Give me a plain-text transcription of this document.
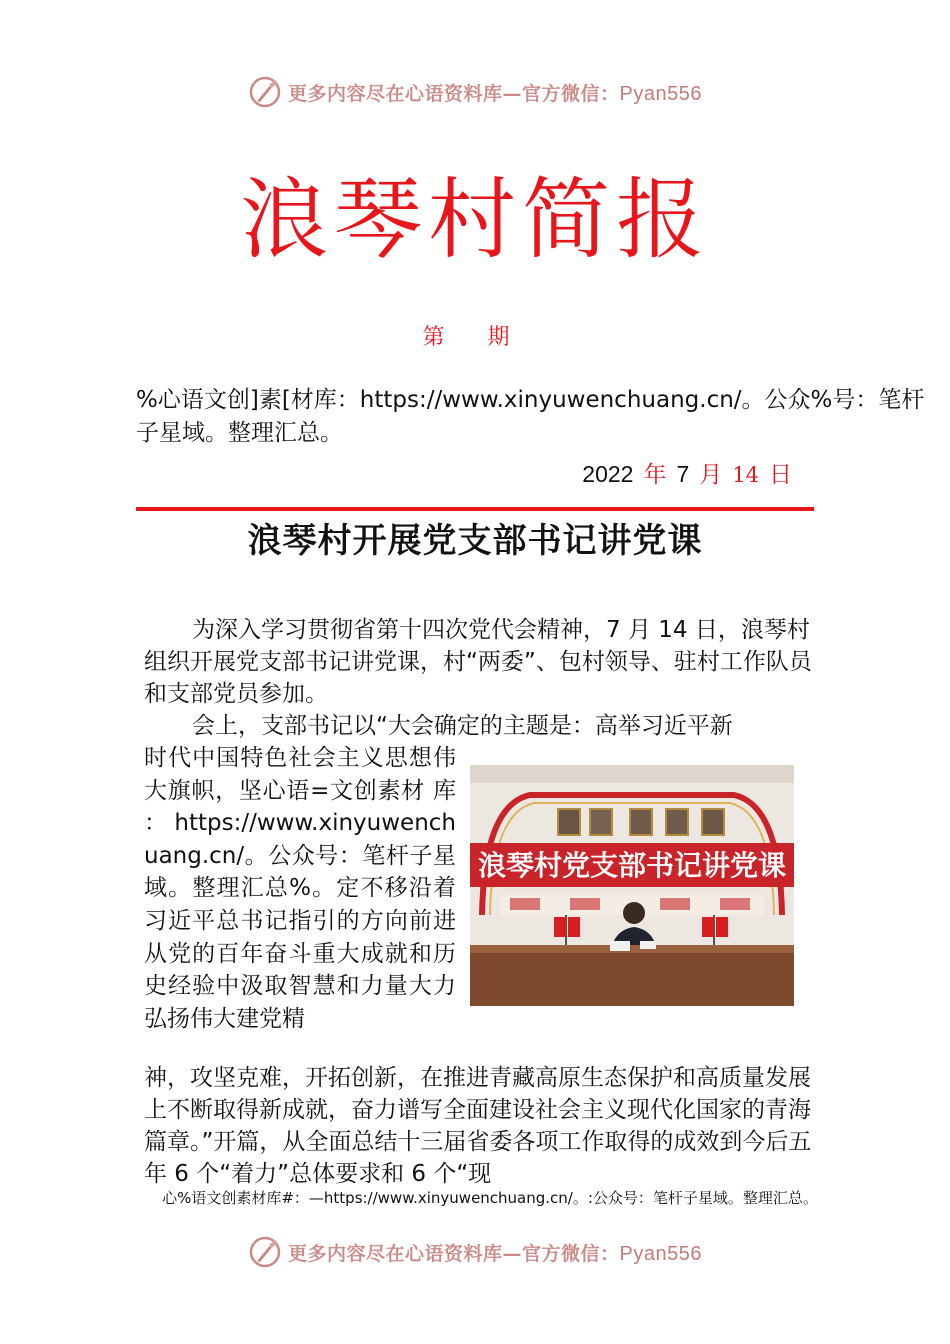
更多内容尽在心语资料库—官方微信：Pyan556
浪琴村简报
第 期
%心语文创]素[材库：https://www.xinyuwenchuang.cn/。公众%号：笔杆子星域。整理汇总。
2022 年 7 月 14 日
浪琴村开展党支部书记讲党课
为深入学习贯彻省第十四次党代会精神，7 月 14 日，浪琴村组织开展党支部书记讲党课，村“两委”、包村领导、驻村工作队员和支部党员参加。
会上，支部书记以“大会确定的主题是：高举习近平新
时代中国特色社会主义思想伟大旗帜，坚心语=文创素材 库 ：https://www.xinyuwenchuang.cn/。公众号：笔杆子星域。整理汇总%。定不移沿着习近平总书记指引的方向前进从党的百年奋斗重大成就和历史经验中汲取智慧和力量大力弘扬伟大建党精
浪琴村党支部书记讲党课
神，攻坚克难，开拓创新，在推进青藏高原生态保护和高质量发展上不断取得新成就，奋力谱写全面建设社会主义现代化国家的青海篇章。”开篇，从全面总结十三届省委各项工作取得的成效到今后五年 6 个“着力”总体要求和 6 个“现
心%语文创素材库#：—https://www.xinyuwenchuang.cn/。:公众号：笔杆子星域。整理汇总。
更多内容尽在心语资料库—官方微信：Pyan556
